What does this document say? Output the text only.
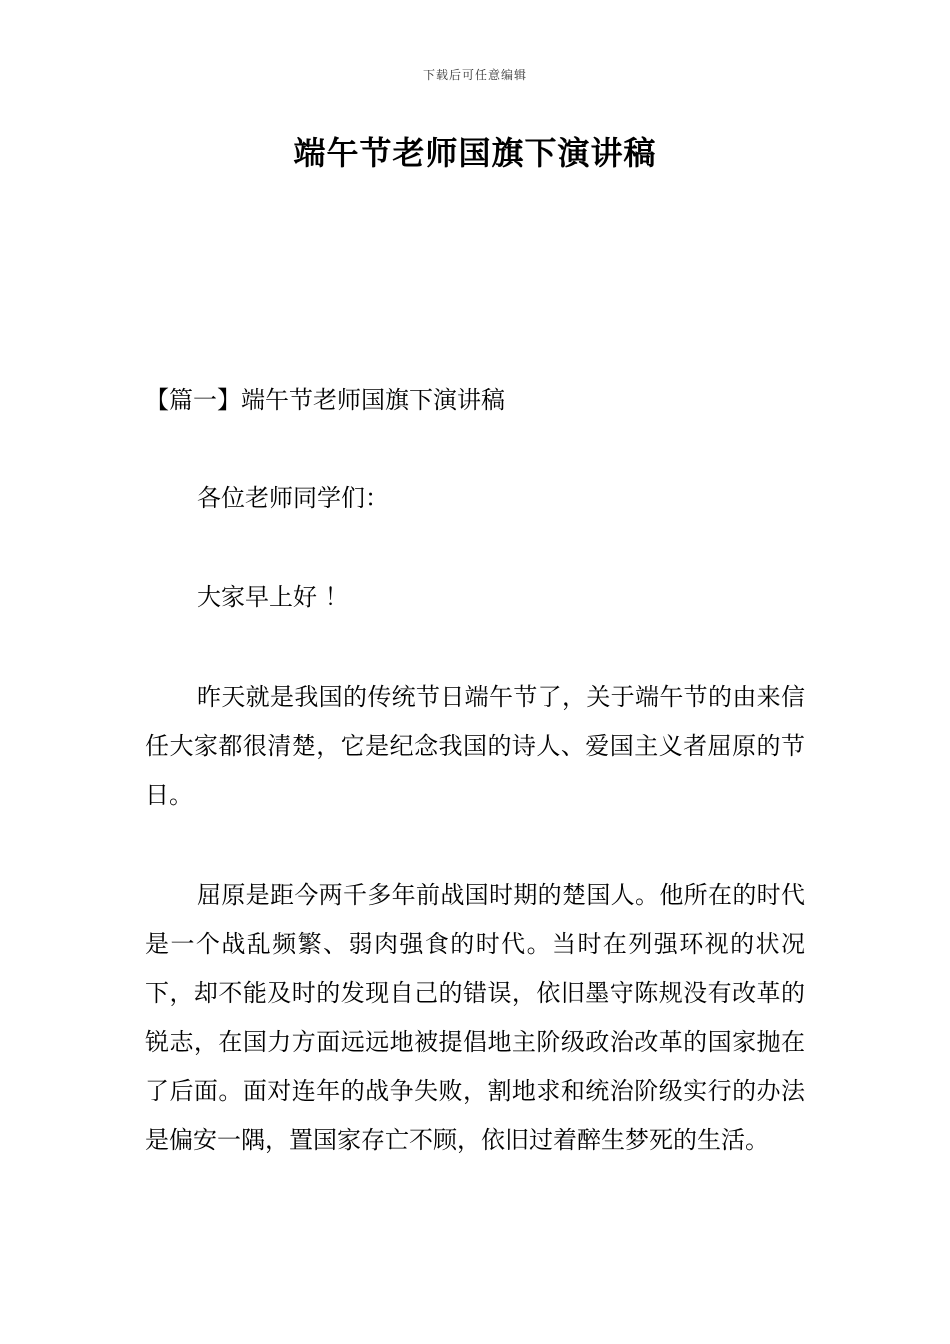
下载后可任意编辑
端午节老师国旗下演讲稿
【篇一】端午节老师国旗下演讲稿

各位老师同学们：

大家早上好 ！

昨天就是我国的传统节日端午节了，关于端午节的由来信任大家都很清楚，它是纪念我国的诗人、爱国主义者屈原的节日。

屈原是距今两千多年前战国时期的楚国人。他所在的时代是一个战乱频繁、弱肉强食的时代。当时在列强环视的状况下，却不能及时的发现自己的错误，依旧墨守陈规没有改革的锐志，在国力方面远远地被提倡地主阶级政治改革的国家抛在了后面。面对连年的战争失败，割地求和统治阶级实行的办法是偏安一隅，置国家存亡不顾，依旧过着醉生梦死的生活。
